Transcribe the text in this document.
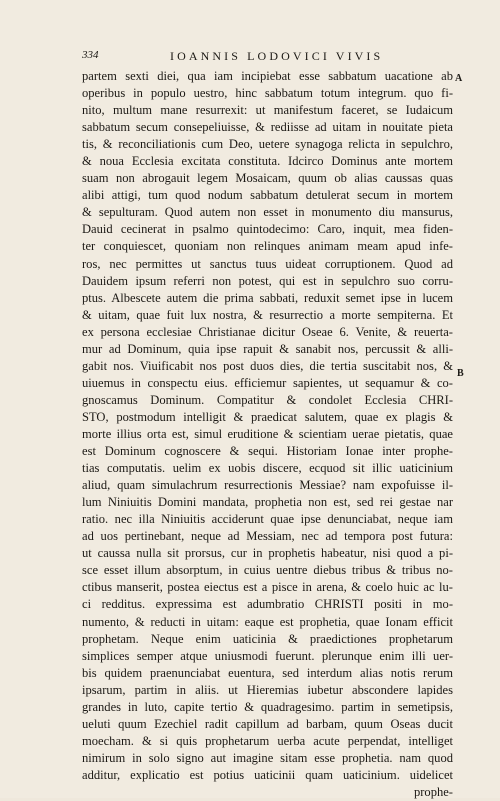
334	IOANNIS LODOVICI VIVIS
A
B
partem sexti diei, qua iam incipiebat esse sabbatum uacatione ab
operibus in populo uestro, hinc sabbatum totum integrum. quo fi-
nito, multum mane resurrexit: ut manifestum faceret, se Iudaicum
sabbatum secum consepeliuisse, & rediisse ad uitam in nouitate pieta
tis, & reconciliationis cum Deo, uetere synagoga relicta in sepulchro,
& noua Ecclesia excitata constituta. Idcirco Dominus ante mortem
suam non abrogauit legem Mosaicam, quum ob alias caussas quas
alibi attigi, tum quod nodum sabbatum detulerat secum in mortem
& sepulturam. Quod autem non esset in monumento diu mansurus,
Dauid cecinerat in psalmo quintodecimo: Caro, inquit, mea fiden-
ter conquiescet, quoniam non relinques animam meam apud infe-
ros, nec permittes ut sanctus tuus uideat corruptionem. Quod ad
Dauidem ipsum referri non potest, qui est in sepulchro suo corru-
ptus. Albescete autem die prima sabbati, reduxit semet ipse in lucem
& uitam, quae fuit lux nostra, & resurrectio a morte sempiterna. Et
ex persona ecclesiae Christianae dicitur Oseae 6. Venite, & reuerta-
mur ad Dominum, quia ipse rapuit & sanabit nos, percussit & alli-
gabit nos. Viuificabit nos post duos dies, die tertia suscitabit nos, &
uiuemus in conspectu eius. efficiemur sapientes, ut sequamur & co-
gnoscamus Dominum. Compatitur & condolet Ecclesia CHRI-
STO, postmodum intelligit & praedicat salutem, quae ex plagis &
morte illius orta est, simul eruditione & scientiam uerae pietatis, quae
est Dominum cognoscere & sequi. Historiam Ionae inter prophe-
tias computatis. uelim ex uobis discere, ecquod sit illic uaticinium
aliud, quam simulachrum resurrectionis Messiae? nam expofuisse il-
lum Niniuitis Domini mandata, prophetia non est, sed rei gestae nar
ratio. nec illa Niniuitis acciderunt quae ipse denunciabat, neque iam
ad uos pertinebant, neque ad Messiam, nec ad tempora post futura:
ut caussa nulla sit prorsus, cur in prophetis habeatur, nisi quod a pi-
sce esset illum absorptum, in cuius uentre diebus tribus & tribus no-
ctibus manserit, postea eiectus est a pisce in arena, & coelo huic ac lu-
ci redditus. expressima est adumbratio CHRISTI positi in mo-
numento, & reducti in uitam: eaque est prophetia, quae Ionam efficit
prophetam. Neque enim uaticinia & praedictiones prophetarum
simplices semper atque uniusmodi fuerunt. plerunque enim illi uer-
bis quidem praenunciabat euentura, sed interdum alias notis rerum
ipsarum, partim in aliis. ut Hieremias iubetur abscondere lapides
grandes in luto, capite tertio & quadragesimo. partim in semetipsis,
ueluti quum Ezechiel radit capillum ad barbam, quum Oseas ducit
moecham. & si quis prophetarum uerba acute perpendat, intelliget
nimirum in solo signo aut imagine sitam esse prophetia. nam quod
additur, explicatio est potius uaticinii quam uaticinium. uidelicet
prophe-
